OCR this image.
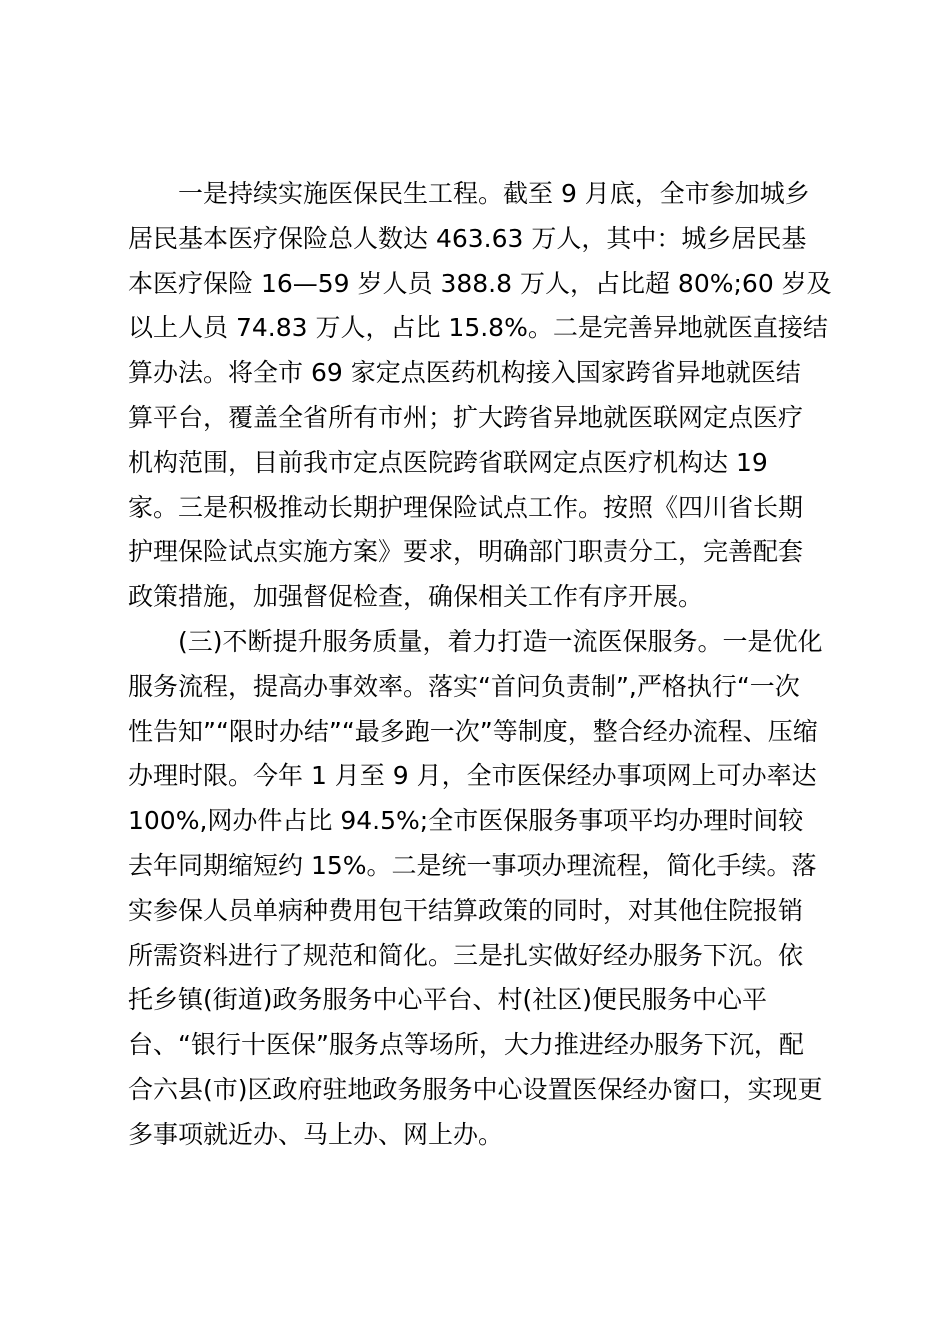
　　一是持续实施医保民生工程。截至 9 月底，全市参加城乡
居民基本医疗保险总人数达 463.63 万人，其中：城乡居民基
本医疗保险 16—59 岁人员 388.8 万人，占比超 80%;60 岁及
以上人员 74.83 万人，占比 15.8%。二是完善异地就医直接结
算办法。将全市 69 家定点医药机构接入国家跨省异地就医结
算平台，覆盖全省所有市州；扩大跨省异地就医联网定点医疗
机构范围，目前我市定点医院跨省联网定点医疗机构达 19
家。三是积极推动长期护理保险试点工作。按照《四川省长期
护理保险试点实施方案》要求，明确部门职责分工，完善配套
政策措施，加强督促检查，确保相关工作有序开展。
　　(三)不断提升服务质量，着力打造一流医保服务。一是优化
服务流程，提高办事效率。落实“首问负责制”,严格执行“一次
性告知”“限时办结”“最多跑一次”等制度，整合经办流程、压缩
办理时限。今年 1 月至 9 月，全市医保经办事项网上可办率达
100%,网办件占比 94.5%;全市医保服务事项平均办理时间较
去年同期缩短约 15%。二是统一事项办理流程，简化手续。落
实参保人员单病种费用包干结算政策的同时，对其他住院报销
所需资料进行了规范和简化。三是扎实做好经办服务下沉。依
托乡镇(街道)政务服务中心平台、村(社区)便民服务中心平
台、“银行十医保”服务点等场所，大力推进经办服务下沉，配
合六县(市)区政府驻地政务服务中心设置医保经办窗口，实现更
多事项就近办、马上办、网上办。
